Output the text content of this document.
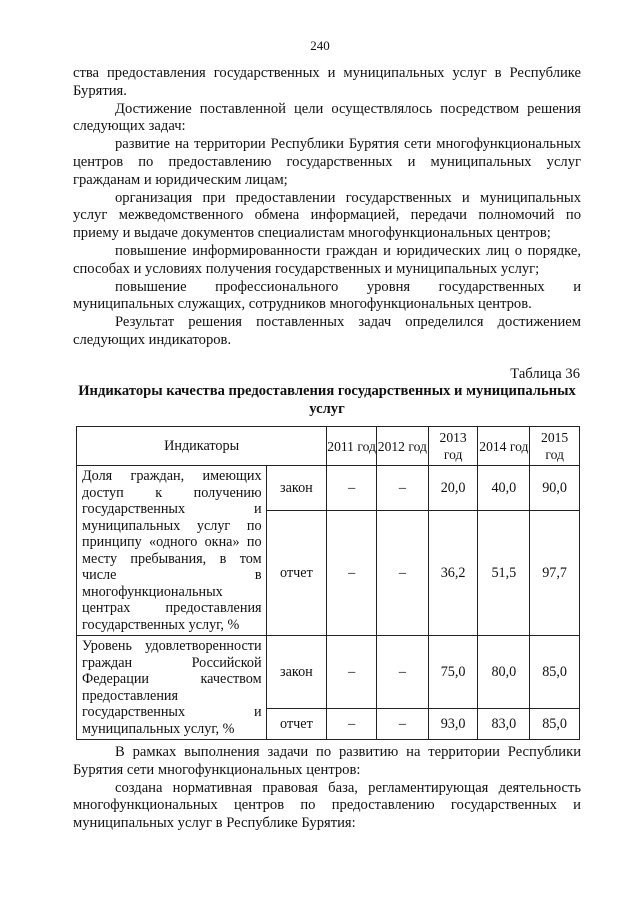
240

ства предоставления государственных и муниципальных услуг в Республике Бурятия.

Достижение поставленной цели осуществлялось посредством решения следующих задач:

развитие на территории Республики Бурятия сети многофункциональных центров по предоставлению государственных и муниципальных услуг гражданам и юридическим лицам;

организация при предоставлении государственных и муниципальных услуг межведомственного обмена информацией, передачи полномочий по приему и выдаче документов специалистам многофункциональных центров;

повышение информированности граждан и юридических лиц о порядке, способах и условиях получения государственных и муниципальных услуг;

повышение профессионального уровня государственных и муниципальных служащих, сотрудников многофункциональных центров.

Результат решения поставленных задач определился достижением следующих индикаторов.

Таблица 36
Индикаторы качества предоставления государственных и муниципальных услуг
Индикаторы		2011 год	2012 год	2013 год	2014 год	2015 год
Доля граждан, имеющих доступ к получению государственных и муниципальных услуг по принципу «одного окна» по месту пребывания, в том числе в многофункциональных центрах предоставления государственных услуг, %	закон	–	–	20,0	40,0	90,0
	отчет	–	–	36,2	51,5	97,7
Уровень удовлетворенности граждан Российской Федерации качеством предоставления государственных и муниципальных услуг, %	закон	–	–	75,0	80,0	85,0
	отчет	–	–	93,0	83,0	85,0

В рамках выполнения задачи по развитию на территории Республики Бурятия сети многофункциональных центров:

создана нормативная правовая база, регламентирующая деятельность многофункциональных центров по предоставлению государственных и муниципальных услуг в Республике Бурятия:
